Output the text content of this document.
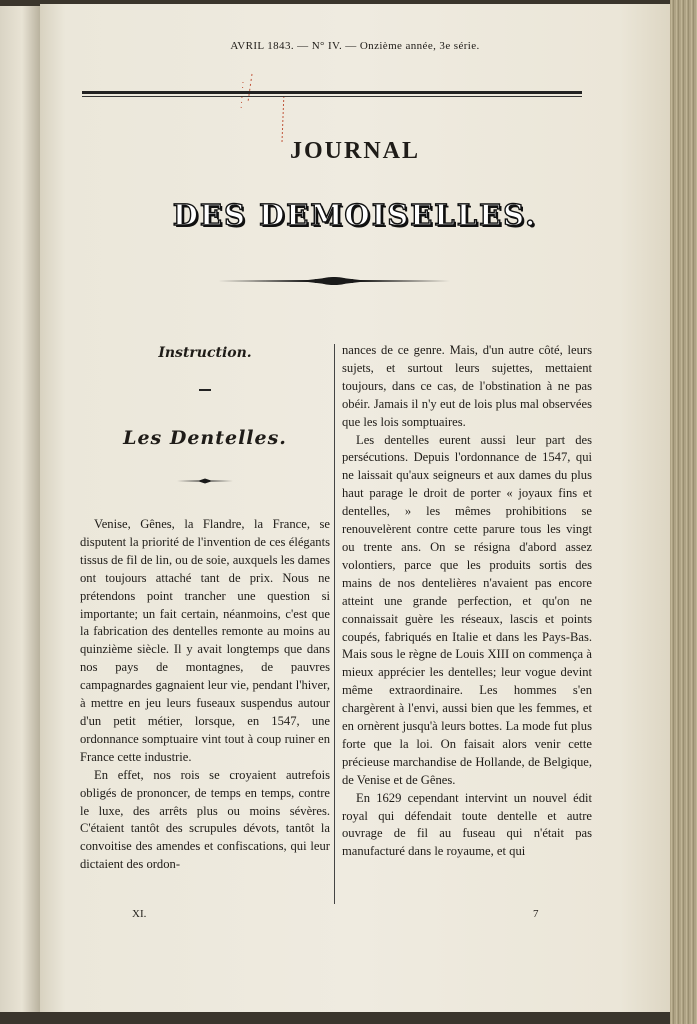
AVRIL 1843. — N° IV. — Onzième année, 3e série.
JOURNAL
DES DEMOISELLES.
Instruction.
Les Dentelles.

Venise, Gênes, la Flandre, la France, se disputent la priorité de l'invention de ces élégants tissus de fil de lin, ou de soie, auxquels les dames ont toujours attaché tant de prix. Nous ne prétendons point trancher une question si importante; un fait certain, néanmoins, c'est que la fabrication des dentelles remonte au moins au quinzième siècle. Il y avait longtemps que dans nos pays de montagnes, de pauvres campagnardes gagnaient leur vie, pendant l'hiver, à mettre en jeu leurs fuseaux suspendus autour d'un petit métier, lorsque, en 1547, une ordonnance somptuaire vint tout à coup ruiner en France cette industrie.

En effet, nos rois se croyaient autrefois obligés de prononcer, de temps en temps, contre le luxe, des arrêts plus ou moins sévères. C'étaient tantôt des scrupules dévots, tantôt la convoitise des amendes et confiscations, qui leur dictaient des ordon-

nances de ce genre. Mais, d'un autre côté, leurs sujets, et surtout leurs sujettes, mettaient toujours, dans ce cas, de l'obstination à ne pas obéir. Jamais il n'y eut de lois plus mal observées que les lois somptuaires.

Les dentelles eurent aussi leur part des persécutions. Depuis l'ordonnance de 1547, qui ne laissait qu'aux seigneurs et aux dames du plus haut parage le droit de porter « joyaux fins et dentelles, » les mêmes prohibitions se renouvelèrent contre cette parure tous les vingt ou trente ans. On se résigna d'abord assez volontiers, parce que les produits sortis des mains de nos dentelières n'avaient pas encore atteint une grande perfection, et qu'on ne connaissait guère les réseaux, lascis et points coupés, fabriqués en Italie et dans les Pays-Bas. Mais sous le règne de Louis XIII on commença à mieux apprécier les dentelles; leur vogue devint même extraordinaire. Les hommes s'en chargèrent à l'envi, aussi bien que les femmes, et en ornèrent jusqu'à leurs bottes. La mode fut plus forte que la loi. On faisait alors venir cette précieuse marchandise de Hollande, de Belgique, de Venise et de Gênes.

En 1629 cependant intervint un nouvel édit royal qui défendait toute dentelle et autre ouvrage de fil au fuseau qui n'était pas manufacturé dans le royaume, et qui

XI.	7
